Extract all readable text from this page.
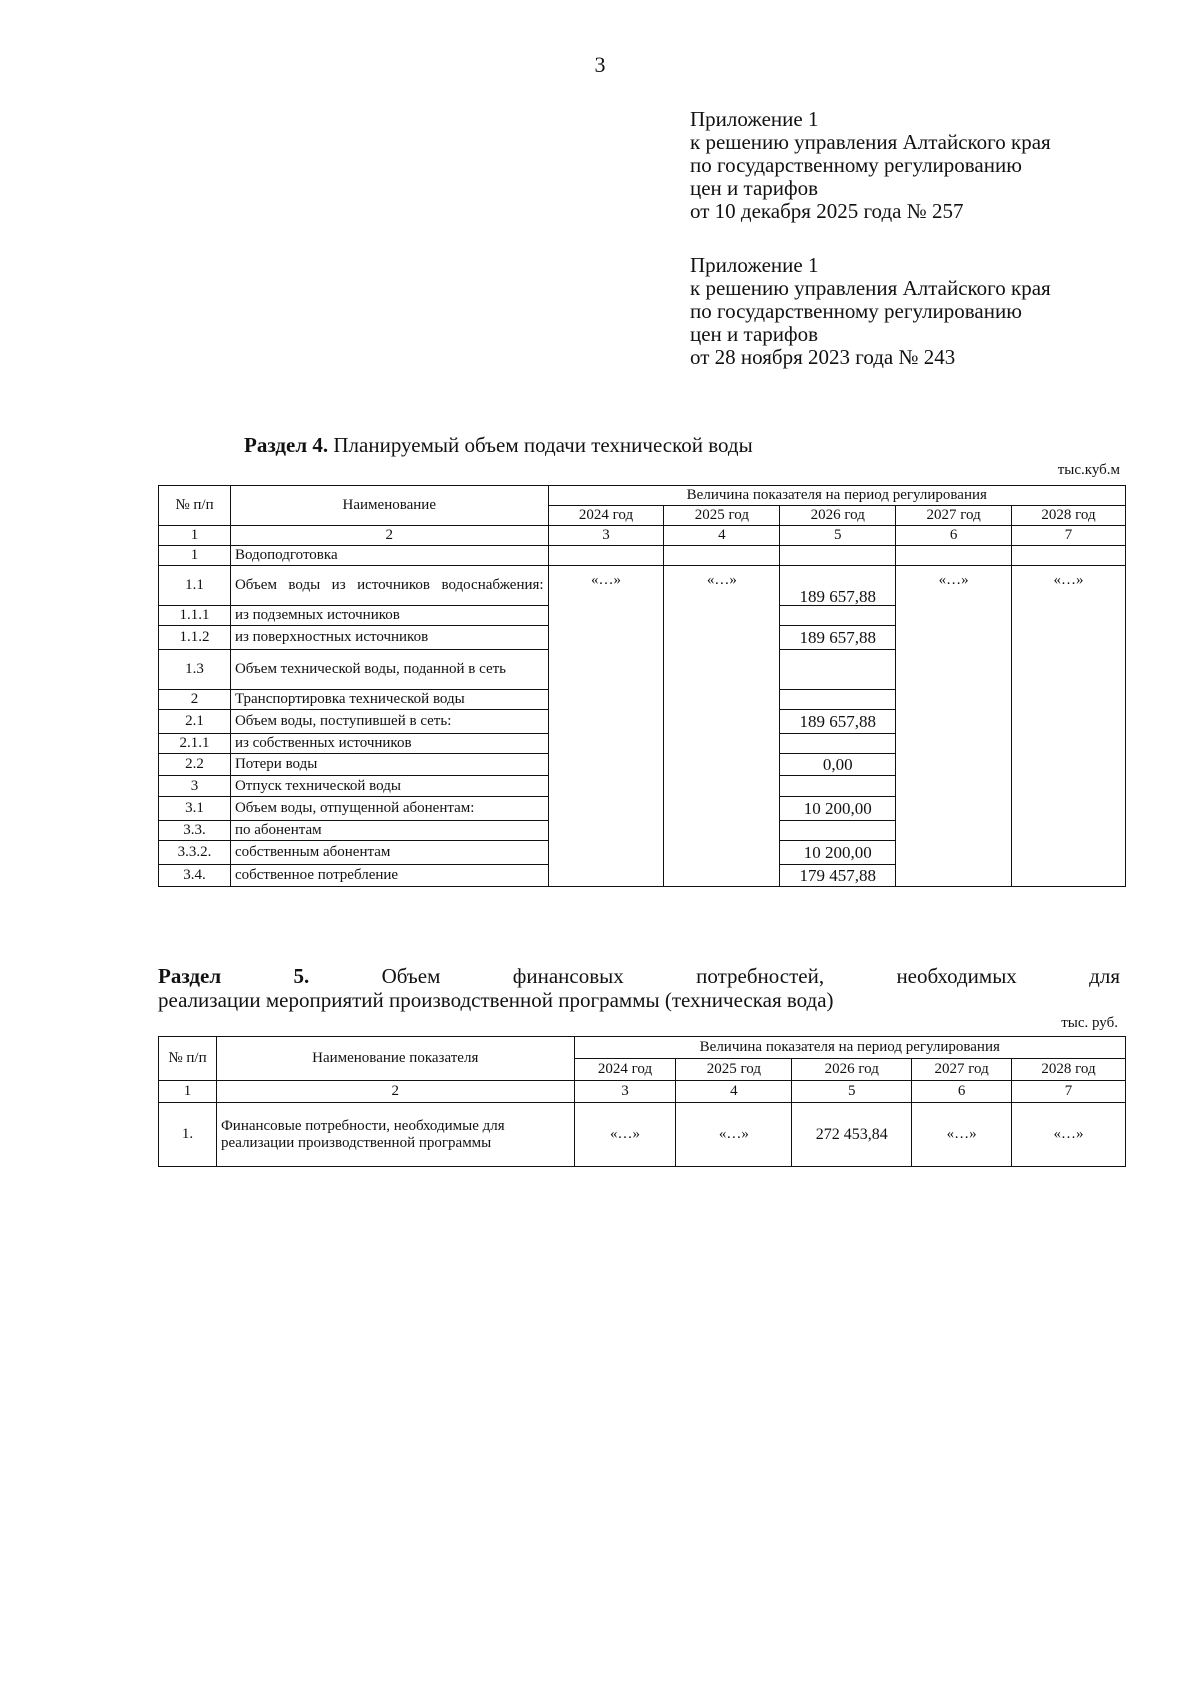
3
Приложение 1
к решению управления Алтайского края
по государственному регулированию
цен и тарифов
от 10 декабря 2025 года № 257
Приложение 1
к решению управления Алтайского края
по государственному регулированию
цен и тарифов
от 28 ноября 2023 года № 243
Раздел 4. Планируемый объем подачи технической воды
тыс.куб.м
№ п/п	Наименование	Величина показателя на период регулирования				
		2024 год	2025 год	2026 год	2027 год	2028 год
1	2	3	4	5	6	7
1	Водоподготовка					
1.1	Объем воды из источников водоснабжения:	«…»	«…»	189 657,88	«…»	«…»
1.1.1	из подземных источников					
1.1.2	из поверхностных источников			189 657,88		
1.3	Объем технической воды, поданной в сеть					
2	Транспортировка технической воды					
2.1	Объем воды, поступившей в сеть:			189 657,88		
2.1.1	из собственных источников					
2.2	Потери воды			0,00		
3	Отпуск технической воды					
3.1	Объем воды, отпущенной абонентам:			10 200,00		
3.3.	по абонентам					
3.3.2.	собственным абонентам			10 200,00		
3.4.	собственное потребление			179 457,88		
Раздел	5.	Объем	финансовых	потребностей,	необходимых	для
реализации мероприятий производственной программы (техническая вода)
тыс. руб.
№ п/п	Наименование показателя	Величина показателя на период регулирования				
		2024 год	2025 год	2026 год	2027 год	2028 год
1	2	3	4	5	6	7
1.	Финансовые потребности, необходимые для реализации производственной программы	«…»	«…»	272 453,84	«…»	«…»
